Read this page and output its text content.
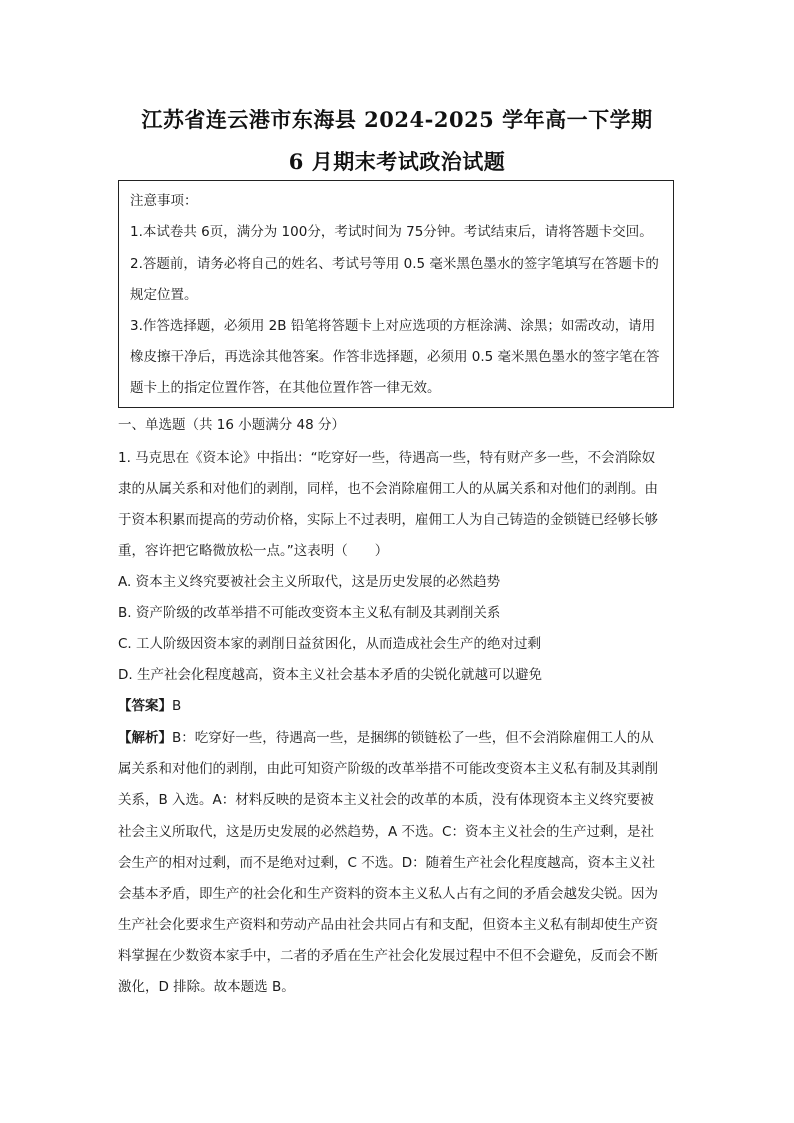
江苏省连云港市东海县 2024-2025 学年高一下学期
6 月期末考试政治试题
注意事项：
1.本试卷共 6页，满分为 100分，考试时间为 75分钟。考试结束后，请将答题卡交回。
2.答题前，请务必将自己的姓名、考试号等用 0.5 毫米黑色墨水的签字笔填写在答题卡的
规定位置。
3.作答选择题，必须用 2B 铅笔将答题卡上对应选项的方框涂满、涂黑；如需改动，请用
橡皮擦干净后，再选涂其他答案。作答非选择题，必须用 0.5 毫米黑色墨水的签字笔在答
题卡上的指定位置作答，在其他位置作答一律无效。
一、单选题（共 16 小题满分 48 分）
1. 马克思在《资本论》中指出：“吃穿好一些，待遇高一些，特有财产多一些，不会消除奴
隶的从属关系和对他们的剥削，同样，也不会消除雇佣工人的从属关系和对他们的剥削。由
于资本积累而提高的劳动价格，实际上不过表明，雇佣工人为自己铸造的金锁链已经够长够
重，容许把它略微放松一点。”这表明（　　）
A. 资本主义终究要被社会主义所取代，这是历史发展的必然趋势
B. 资产阶级的改革举措不可能改变资本主义私有制及其剥削关系
C. 工人阶级因资本家的剥削日益贫困化，从而造成社会生产的绝对过剩
D. 生产社会化程度越高，资本主义社会基本矛盾的尖锐化就越可以避免
【答案】B
【解析】B：吃穿好一些，待遇高一些，是捆绑的锁链松了一些，但不会消除雇佣工人的从
属关系和对他们的剥削，由此可知资产阶级的改革举措不可能改变资本主义私有制及其剥削
关系，B 入选。A：材料反映的是资本主义社会的改革的本质，没有体现资本主义终究要被
社会主义所取代，这是历史发展的必然趋势，A 不选。C：资本主义社会的生产过剩，是社
会生产的相对过剩，而不是绝对过剩，C 不选。D：随着生产社会化程度越高，资本主义社
会基本矛盾，即生产的社会化和生产资料的资本主义私人占有之间的矛盾会越发尖锐。因为
生产社会化要求生产资料和劳动产品由社会共同占有和支配，但资本主义私有制却使生产资
料掌握在少数资本家手中，二者的矛盾在生产社会化发展过程中不但不会避免，反而会不断
激化，D 排除。故本题选 B。
